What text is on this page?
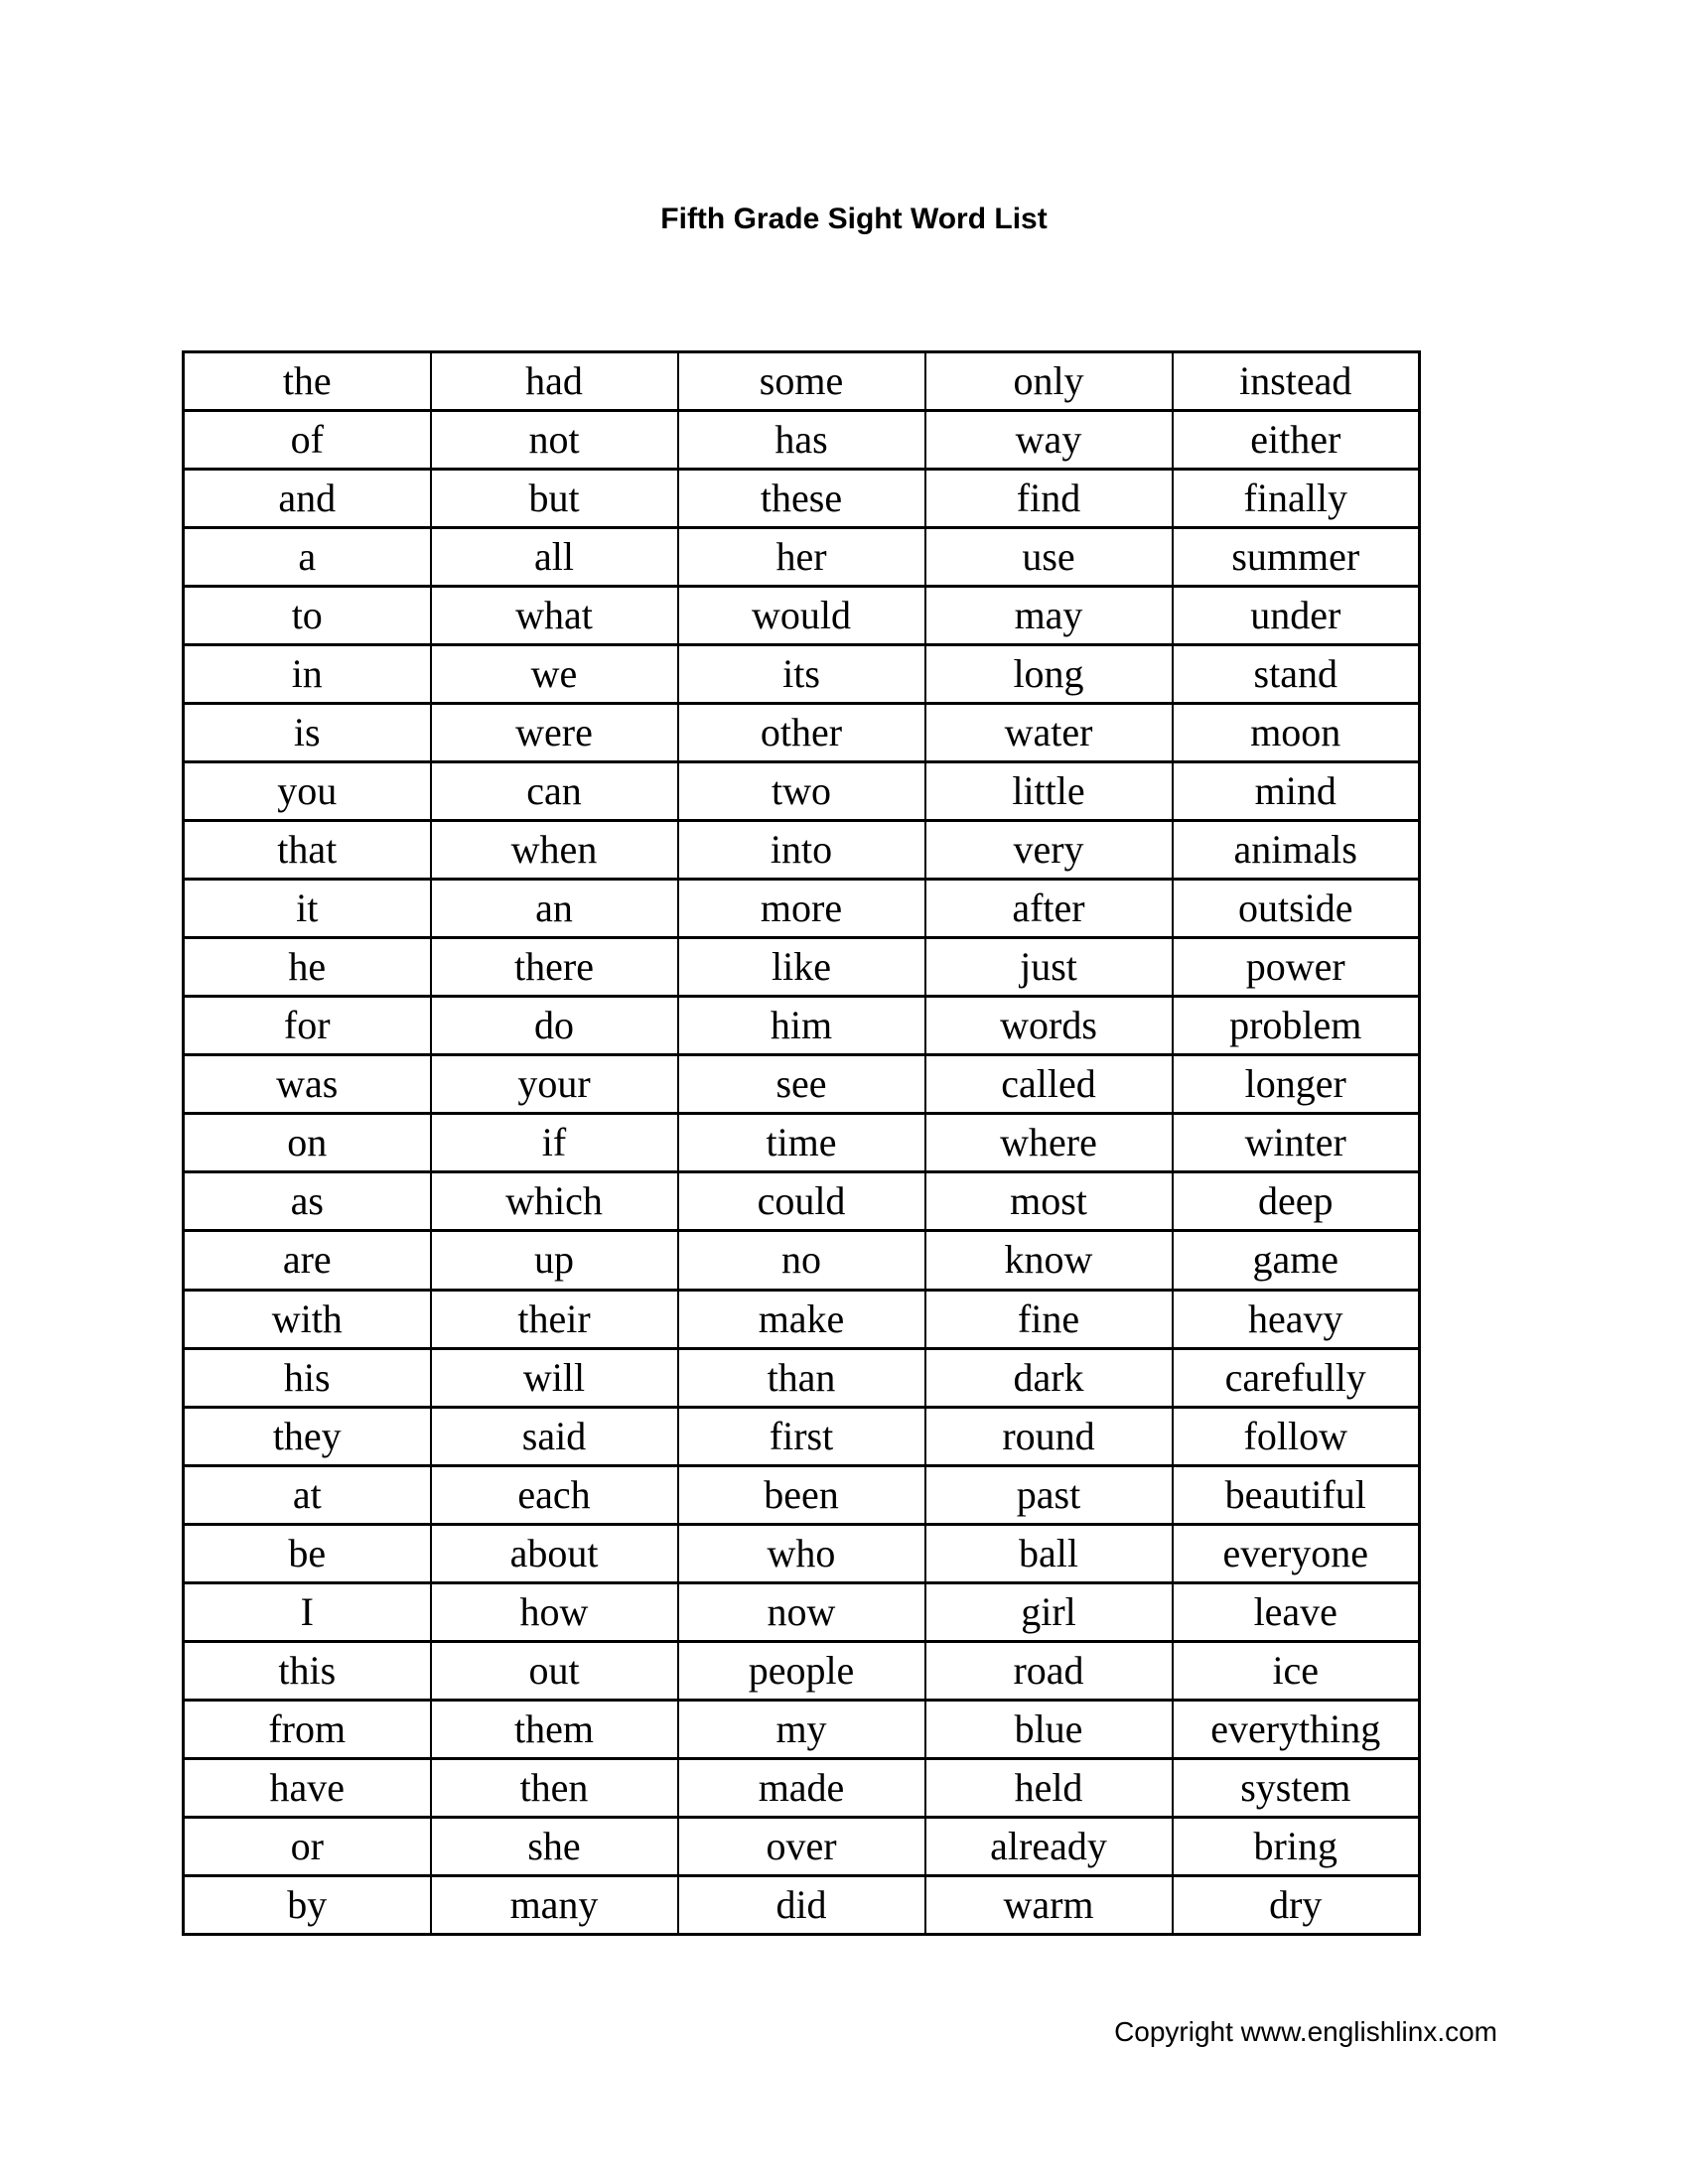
Fifth Grade Sight Word List
the	had	some	only	instead
of	not	has	way	either
and	but	these	find	finally
a	all	her	use	summer
to	what	would	may	under
in	we	its	long	stand
is	were	other	water	moon
you	can	two	little	mind
that	when	into	very	animals
it	an	more	after	outside
he	there	like	just	power
for	do	him	words	problem
was	your	see	called	longer
on	if	time	where	winter
as	which	could	most	deep
are	up	no	know	game
with	their	make	fine	heavy
his	will	than	dark	carefully
they	said	first	round	follow
at	each	been	past	beautiful
be	about	who	ball	everyone
I	how	now	girl	leave
this	out	people	road	ice
from	them	my	blue	everything
have	then	made	held	system
or	she	over	already	bring
by	many	did	warm	dry

Copyright www.englishlinx.com
